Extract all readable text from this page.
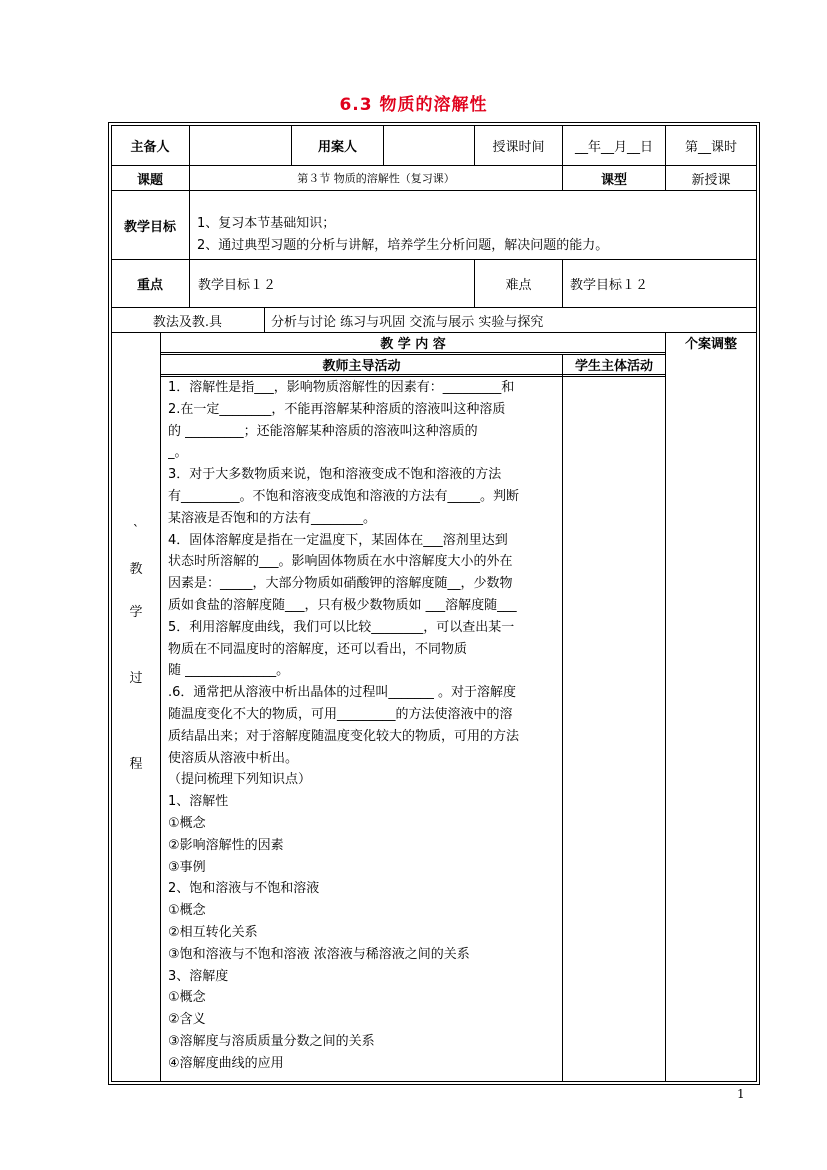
6.3 物质的溶解性
主备人	用案人	授课时间	__年__月__日	第__课时
课题	第３节 物质的溶解性（复习课）	课型	新授课
教学目标	1、复习本节基础知识；
2、通过典型习题的分析与讲解，培养学生分析问题，解决问题的能力。
重点	教学目标１２	难点	教学目标１２
教法及教.具	分析与讨论 练习与巩固 交流与展示 实验与探究
教 学 内 容	个案调整
教师主导活动	学生主体活动
`
教
学
过
程
1．溶解性是指___，影响物质溶解性的因素有：_________和
2.在一定________，不能再溶解某种溶质的溶液叫这种溶质
的 _________；还能溶解某种溶质的溶液叫这种溶质的
_。
3．对于大多数物质来说，饱和溶液变成不饱和溶液的方法
有_________。不饱和溶液变成饱和溶液的方法有_____。判断
某溶液是否饱和的方法有________。
4．固体溶解度是指在一定温度下，某固体在___溶剂里达到
状态时所溶解的___。影响固体物质在水中溶解度大小的外在
因素是：_____，大部分物质如硝酸钾的溶解度随__，少数物
质如食盐的溶解度随___，只有极少数物质如 ___溶解度随___
5．利用溶解度曲线，我们可以比较________，可以查出某一
物质在不同温度时的溶解度，还可以看出，不同物质
随 ______________。
.6．通常把从溶液中析出晶体的过程叫_______ 。对于溶解度
随温度变化不大的物质，可用_________的方法使溶液中的溶
质结晶出来；对于溶解度随温度变化较大的物质，可用的方法
使溶质从溶液中析出。
（提问梳理下列知识点）
1、溶解性
①概念
②影响溶解性的因素
③事例
2、饱和溶液与不饱和溶液
①概念
②相互转化关系
③饱和溶液与不饱和溶液 浓溶液与稀溶液之间的关系
3、溶解度
①概念
②含义
③溶解度与溶质质量分数之间的关系
④溶解度曲线的应用
1
